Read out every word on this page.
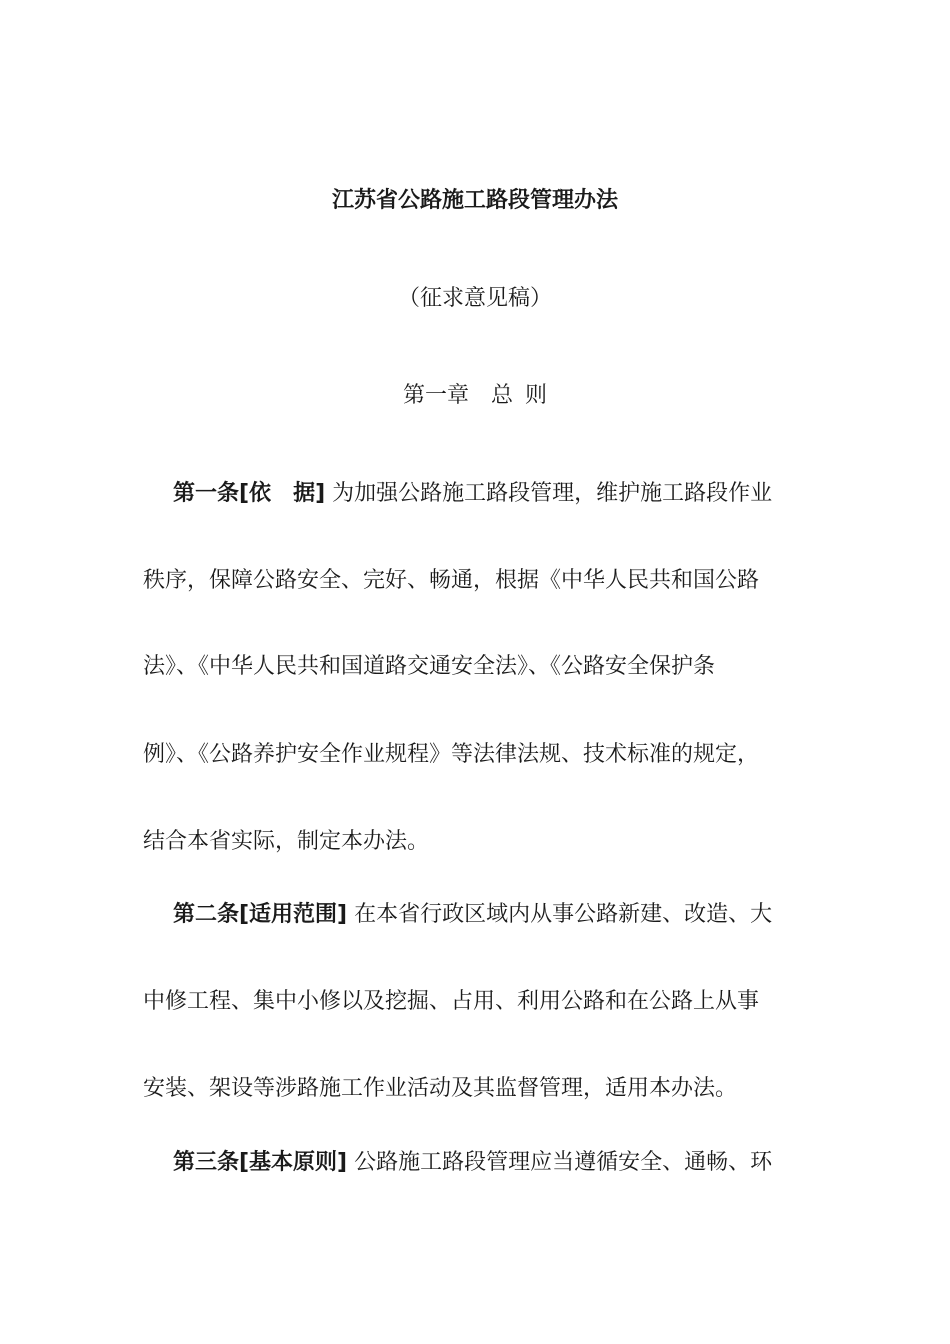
江苏省公路施工路段管理办法
（征求意见稿）
第一章 总 则
第一条[依 据] 为加强公路施工路段管理，维护施工路段作业
秩序，保障公路安全、完好、畅通，根据《中华人民共和国公路
法》、《中华人民共和国道路交通安全法》、《公路安全保护条
例》、《公路养护安全作业规程》等法律法规、技术标准的规定，
结合本省实际，制定本办法。
第二条[适用范围] 在本省行政区域内从事公路新建、改造、大
中修工程、集中小修以及挖掘、占用、利用公路和在公路上从事
安装、架设等涉路施工作业活动及其监督管理，适用本办法。
第三条[基本原则] 公路施工路段管理应当遵循安全、通畅、环
